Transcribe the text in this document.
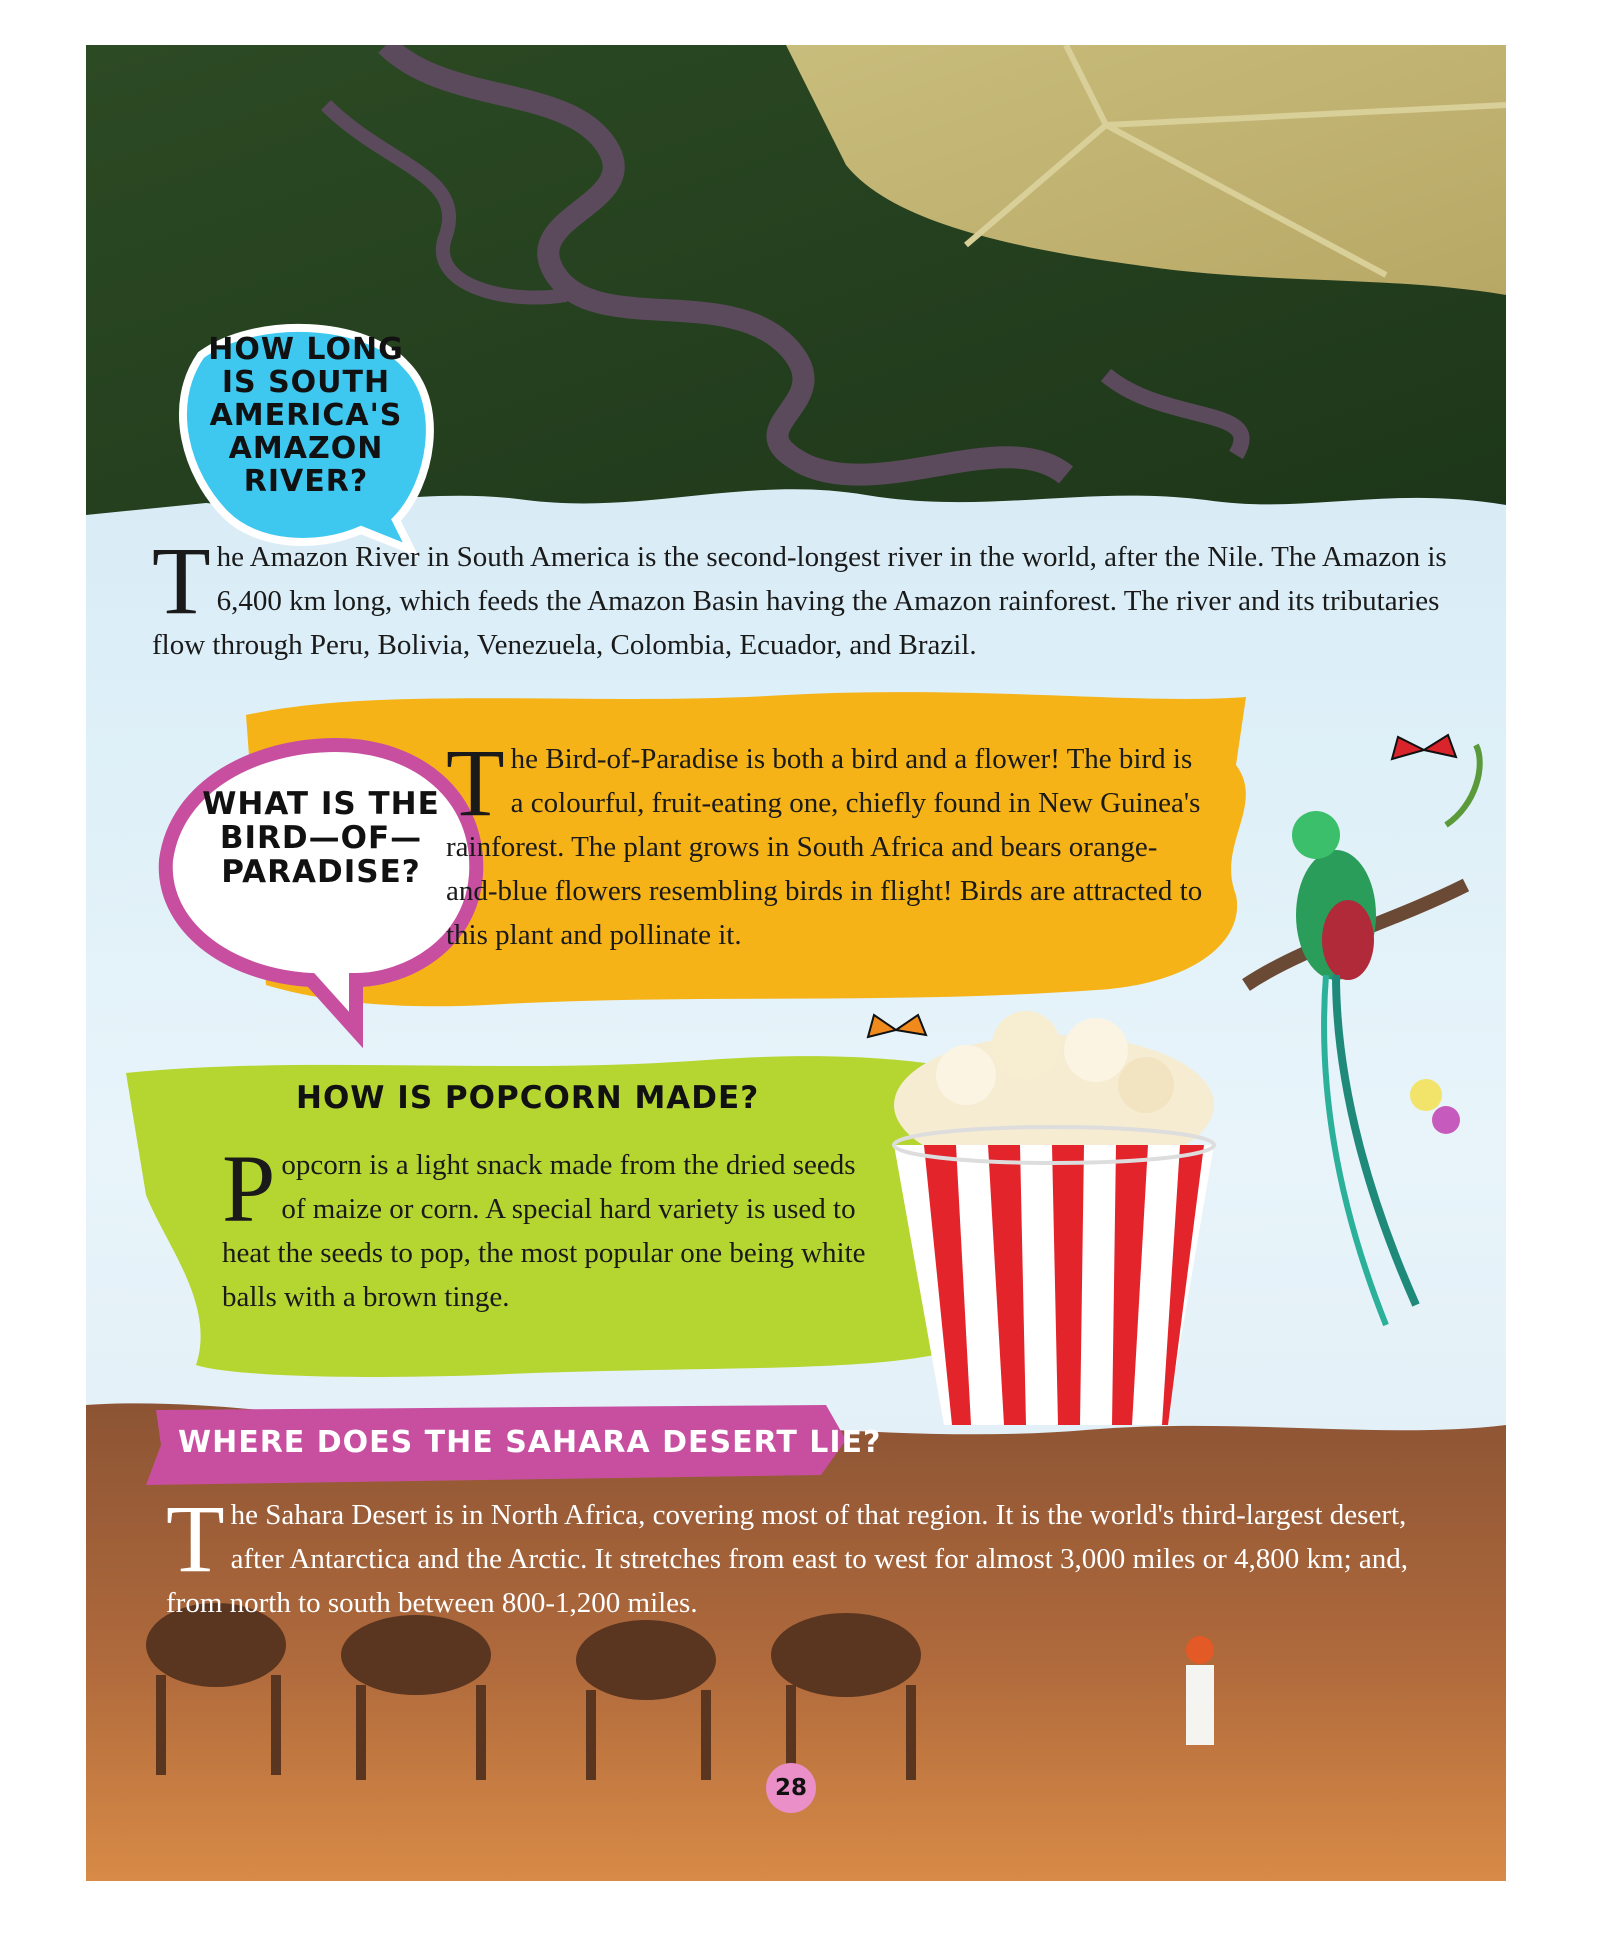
HOW LONG IS SOUTH AMERICA'S AMAZON RIVER?

The Amazon River in South America is the second-longest river in the world, after the Nile. The Amazon is 6,400 km long, which feeds the Amazon Basin having the Amazon rainforest. The river and its tributaries flow through Peru, Bolivia, Venezuela, Colombia, Ecuador, and Brazil.

WHAT IS THE BIRD—OF—PARADISE?

The Bird-of-Paradise is both a bird and a flower! The bird is a colourful, fruit-eating one, chiefly found in New Guinea's rainforest. The plant grows in South Africa and bears orange-and-blue flowers resembling birds in flight! Birds are attracted to this plant and pollinate it.

HOW IS POPCORN MADE?

Popcorn is a light snack made from the dried seeds of maize or corn. A special hard variety is used to heat the seeds to pop, the most popular one being white balls with a brown tinge.

WHERE DOES THE SAHARA DESERT LIE?

The Sahara Desert is in North Africa, covering most of that region. It is the world's third-largest desert, after Antarctica and the Arctic. It stretches from east to west for almost 3,000 miles or 4,800 km; and, from north to south between 800-1,200 miles.

28
